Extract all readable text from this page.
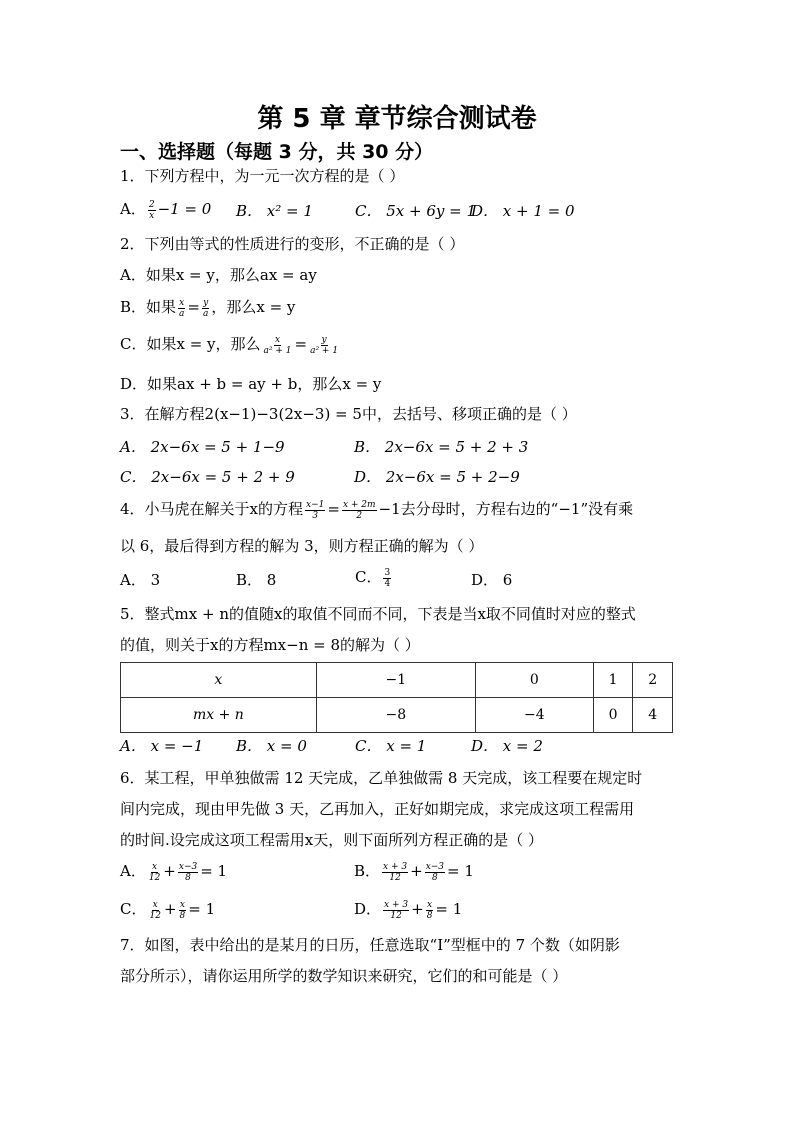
第 5 章 章节综合测试卷
一、选择题（每题 3 分，共 30 分）
1．下列方程中，为一元一次方程的是（ ）
A． $\frac{2}{x} -1 = 0$ B． x² = 1	C． 5x + 6y = 1
D． x + 1 = 0
2．下列由等式的性质进行的变形，不正确的是（ ）
A．如果x = y，那么ax = ay
B．如果 $\frac{x}{a} = \frac{y}{a}$ ，那么x = y
C．如果x = y，那么 $\frac{x}{\text{a² + 1}} = \frac{y}{\text{a² + 1}}$
D．如果ax + b = ay + b，那么x = y
3．在解方程2(x−1)−3(2x−3) = 5中，去括号、移项正确的是（ ）
A． 2x−6x = 5 + 1−9	B． 2x−6x = 5 + 2 + 3
C． 2x−6x = 5 + 2 + 9	D． 2x−6x = 5 + 2−9
4．小马虎在解关于x的方程 $\frac{x-1}{3} = \frac{x + 2m}{2} -1$去分母时，方程右边的“−1”没有乘
以 6，最后得到方程的解为 3，则方程正确的解为（ ）
A． 3	B． 8	C． $\frac{3}{4}$	D． 6
5．整式mx + n的值随x的取值不同而不同，下表是当x取不同值时对应的整式
的值，则关于x的方程mx−n = 8的解为（ ）
x	−1	0	1	2
mx + n	−8	−4	0	4
A． x = −1 B． x = 0	C． x = 1	D． x = 2
6．某工程，甲单独做需 12 天完成，乙单独做需 8 天完成，该工程要在规定时
间内完成，现由甲先做 3 天，乙再加入，正好如期完成，求完成这项工程需用
的时间.设完成这项工程需用x天，则下面所列方程正确的是（ ）
A． $\frac{x}{12} + \frac{x-3}{8} = 1$	B． $\frac{x + 3}{12} + \frac{x-3}{8} = 1$
C． $\frac{x}{12} + \frac{x}{8} = 1$	D． $\frac{x + 3}{12} + \frac{x}{8} = 1$
7．如图，表中给出的是某月的日历，任意选取“I”型框中的 7 个数（如阴影
部分所示），请你运用所学的数学知识来研究，它们的和可能是（ ）
